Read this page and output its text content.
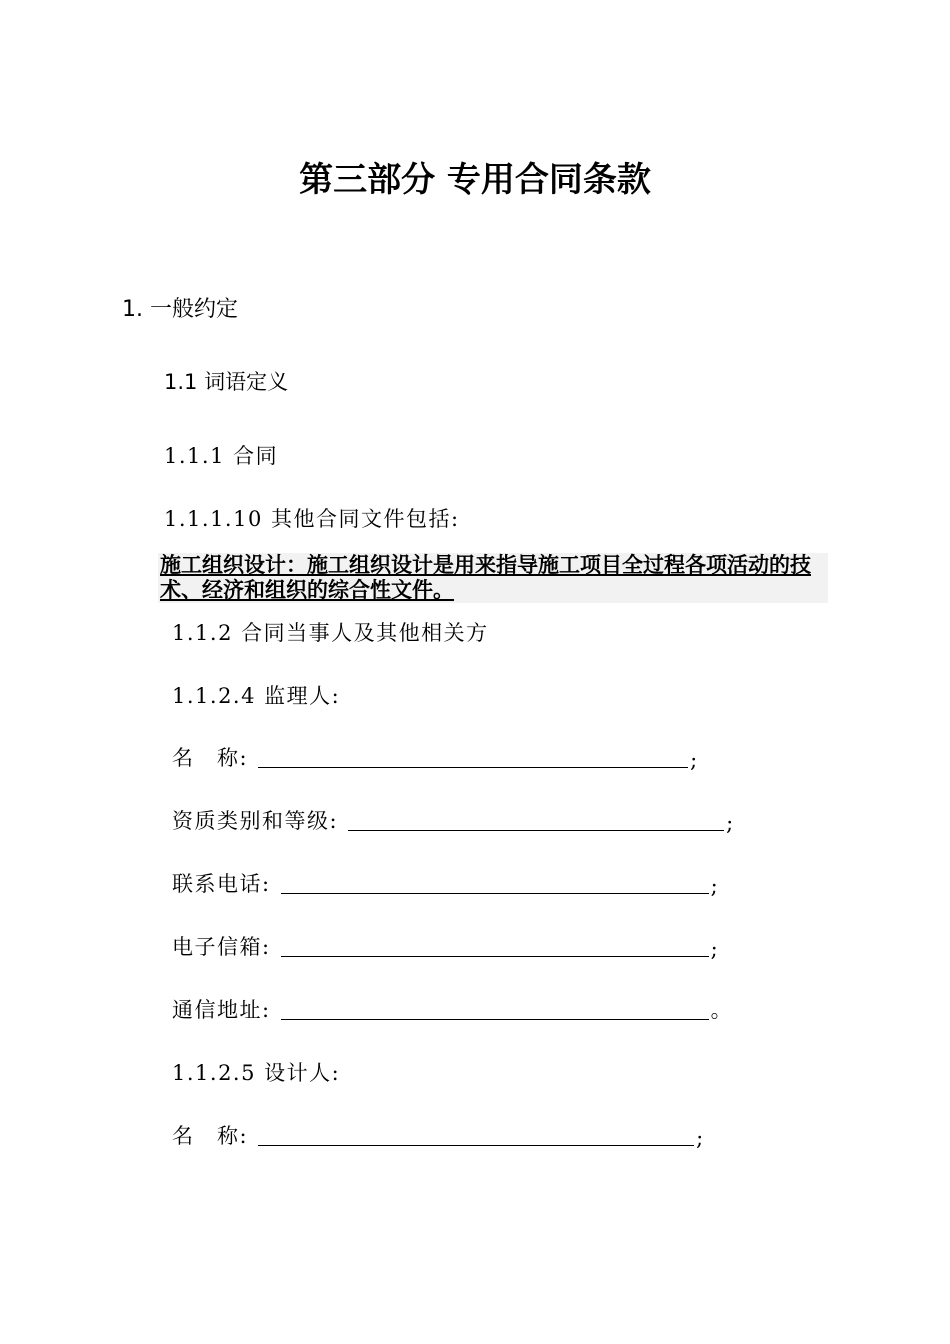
第三部分 专用合同条款
1. 一般约定
1.1 词语定义
1.1.1 合同
1.1.1.10 其他合同文件包括:
施工组织设计：施工组织设计是用来指导施工项目全过程各项活动的技术、经济和组织的综合性文件。
1.1.2 合同当事人及其他相关方
1.1.2.4 监理人:
名　称:	;
资质类别和等级:	;
联系电话:	;
电子信箱:	;
通信地址:	。
1.1.2.5 设计人:
名　称:	;
